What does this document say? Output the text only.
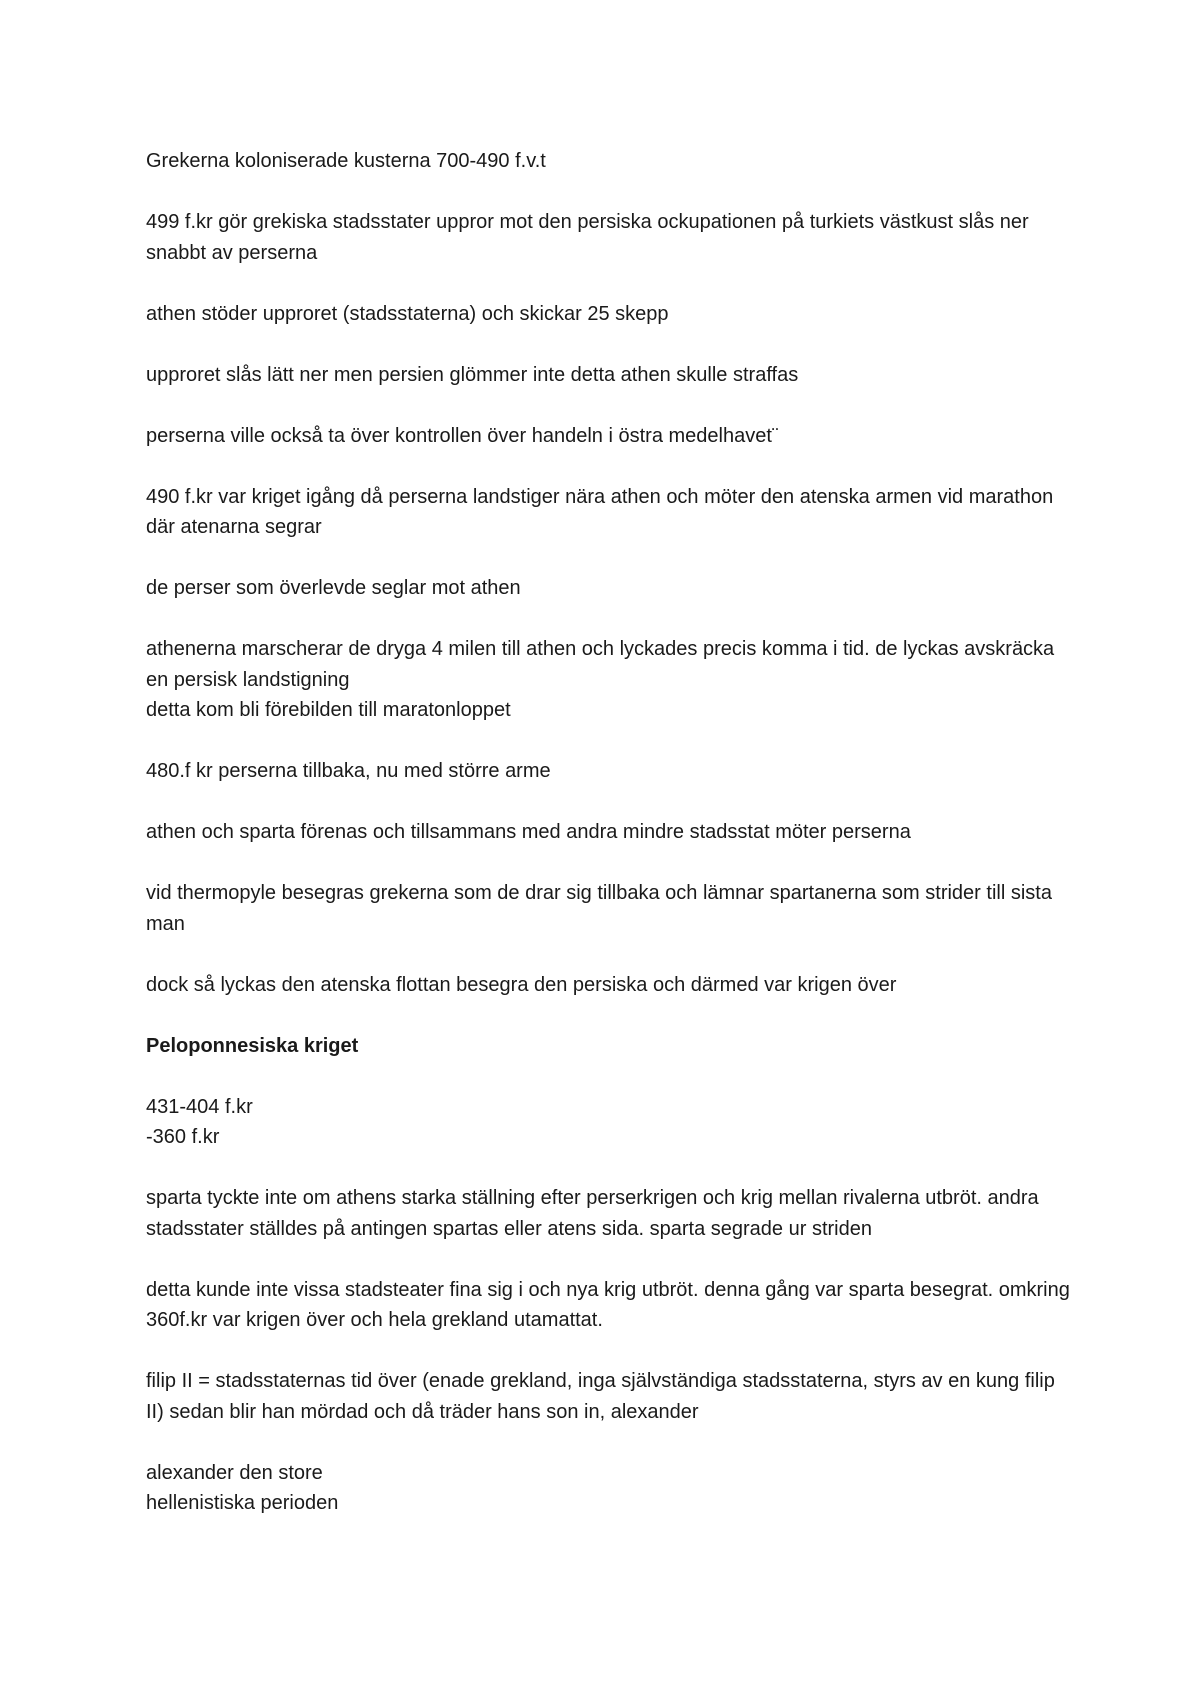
Grekerna koloniserade kusterna 700-490 f.v.t

499 f.kr gör grekiska stadsstater uppror mot den persiska ockupationen på turkiets västkust slås ner snabbt av perserna

athen stöder upproret (stadsstaterna) och skickar 25 skepp

upproret slås lätt ner men persien glömmer inte detta athen skulle straffas

perserna ville också ta över kontrollen över handeln i östra medelhavet¨

490 f.kr var kriget igång då perserna landstiger nära athen och möter den atenska armen vid marathon där atenarna segrar

de perser som överlevde seglar mot athen

athenerna marscherar de dryga 4 milen till athen och lyckades precis komma i tid. de lyckas avskräcka en persisk landstigning
detta kom bli förebilden till maratonloppet

480.f kr perserna tillbaka, nu med större arme

athen och sparta förenas och tillsammans med andra mindre stadsstat möter perserna

vid thermopyle besegras grekerna som de drar sig tillbaka och lämnar spartanerna som strider till sista man

dock så lyckas den atenska flottan besegra den persiska och därmed var krigen över

Peloponnesiska kriget

431-404 f.kr
-360 f.kr

sparta tyckte inte om athens starka ställning efter perserkrigen och krig mellan rivalerna utbröt. andra stadsstater ställdes på antingen spartas eller atens sida. sparta segrade ur striden

detta kunde inte vissa stadsteater fina sig i och nya krig utbröt. denna gång var sparta besegrat. omkring 360f.kr var krigen över och hela grekland utamattat.

filip II = stadsstaternas tid över (enade grekland, inga självständiga stadsstaterna, styrs av en kung filip II) sedan blir han mördad och då träder hans son in, alexander

alexander den store
hellenistiska perioden
